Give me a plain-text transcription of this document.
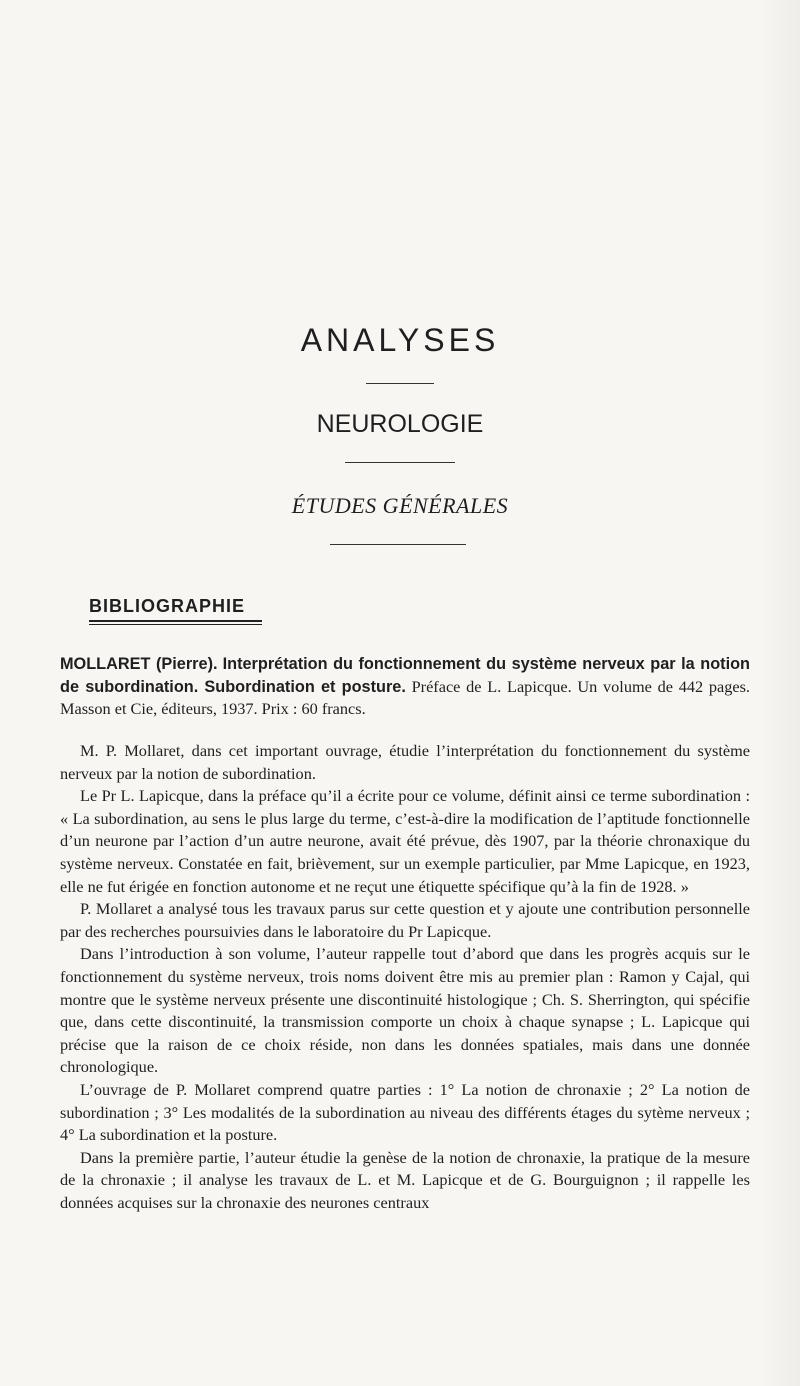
ANALYSES
NEUROLOGIE
ÉTUDES GÉNÉRALES
BIBLIOGRAPHIE
MOLLARET (Pierre). Interprétation du fonctionnement du système nerveux par la notion de subordination. Subordination et posture. Préface de L. Lapicque. Un volume de 442 pages. Masson et Cie, éditeurs, 1937. Prix : 60 francs.

M. P. Mollaret, dans cet important ouvrage, étudie l’interprétation du fonctionnement du système nerveux par la notion de subordination.

Le Pr L. Lapicque, dans la préface qu’il a écrite pour ce volume, définit ainsi ce terme subordination : « La subordination, au sens le plus large du terme, c’est-à-dire la modification de l’aptitude fonctionnelle d’un neurone par l’action d’un autre neurone, avait été prévue, dès 1907, par la théorie chronaxique du système nerveux. Constatée en fait, brièvement, sur un exemple particulier, par Mme Lapicque, en 1923, elle ne fut érigée en fonction autonome et ne reçut une étiquette spécifique qu’à la fin de 1928. »

P. Mollaret a analysé tous les travaux parus sur cette question et y ajoute une contribution personnelle par des recherches poursuivies dans le laboratoire du Pr Lapicque.

Dans l’introduction à son volume, l’auteur rappelle tout d’abord que dans les progrès acquis sur le fonctionnement du système nerveux, trois noms doivent être mis au premier plan : Ramon y Cajal, qui montre que le système nerveux présente une discontinuité histologique ; Ch. S. Sherrington, qui spécifie que, dans cette discontinuité, la transmission comporte un choix à chaque synapse ; L. Lapicque qui précise que la raison de ce choix réside, non dans les données spatiales, mais dans une donnée chronologique.

L’ouvrage de P. Mollaret comprend quatre parties : 1° La notion de chronaxie ; 2° La notion de subordination ; 3° Les modalités de la subordination au niveau des différents étages du sytème nerveux ; 4° La subordination et la posture.

Dans la première partie, l’auteur étudie la genèse de la notion de chronaxie, la pratique de la mesure de la chronaxie ; il analyse les travaux de L. et M. Lapicque et de G. Bourguignon ; il rappelle les données acquises sur la chronaxie des neurones centraux
